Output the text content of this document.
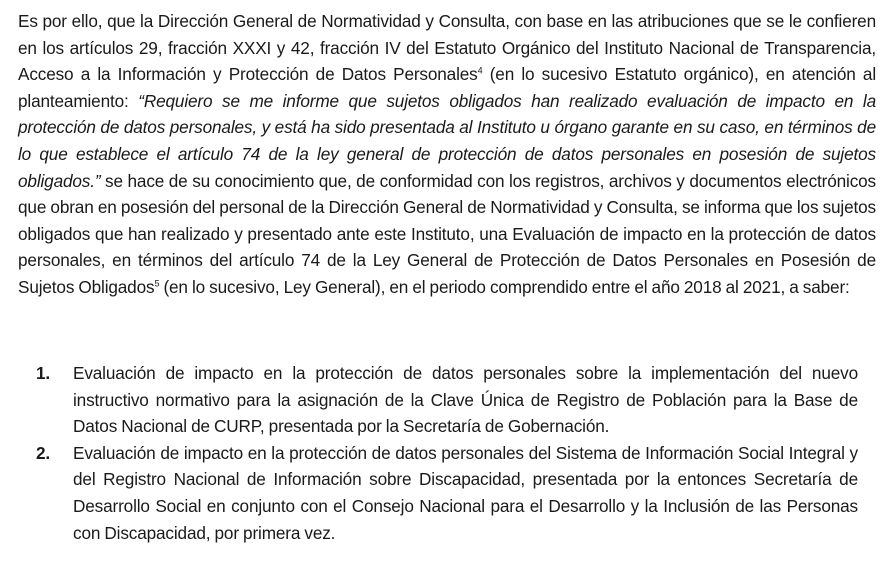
Es por ello, que la Dirección General de Normatividad y Consulta, con base en las atribuciones que se le confieren en los artículos 29, fracción XXXI y 42, fracción IV del Estatuto Orgánico del Instituto Nacional de Transparencia, Acceso a la Información y Protección de Datos Personales$^4$ (en lo sucesivo Estatuto orgánico), en atención al planteamiento: “Requiero se me informe que sujetos obligados han realizado evaluación de impacto en la protección de datos personales, y está ha sido presentada al Instituto u órgano garante en su caso, en términos de lo que establece el artículo 74 de la ley general de protección de datos personales en posesión de sujetos obligados.” se hace de su conocimiento que, de conformidad con los registros, archivos y documentos electrónicos que obran en posesión del personal de la Dirección General de Normatividad y Consulta, se informa que los sujetos obligados que han realizado y presentado ante este Instituto, una Evaluación de impacto en la protección de datos personales, en términos del artículo 74 de la Ley General de Protección de Datos Personales en Posesión de Sujetos Obligados$^5$ (en lo sucesivo, Ley General), en el periodo comprendido entre el año 2018 al 2021, a saber:

1. Evaluación de impacto en la protección de datos personales sobre la implementación del nuevo instructivo normativo para la asignación de la Clave Única de Registro de Población para la Base de Datos Nacional de CURP, presentada por la Secretaría de Gobernación.
2. Evaluación de impacto en la protección de datos personales del Sistema de Información Social Integral y del Registro Nacional de Información sobre Discapacidad, presentada por la entonces Secretaría de Desarrollo Social en conjunto con el Consejo Nacional para el Desarrollo y la Inclusión de las Personas con Discapacidad, por primera vez.
